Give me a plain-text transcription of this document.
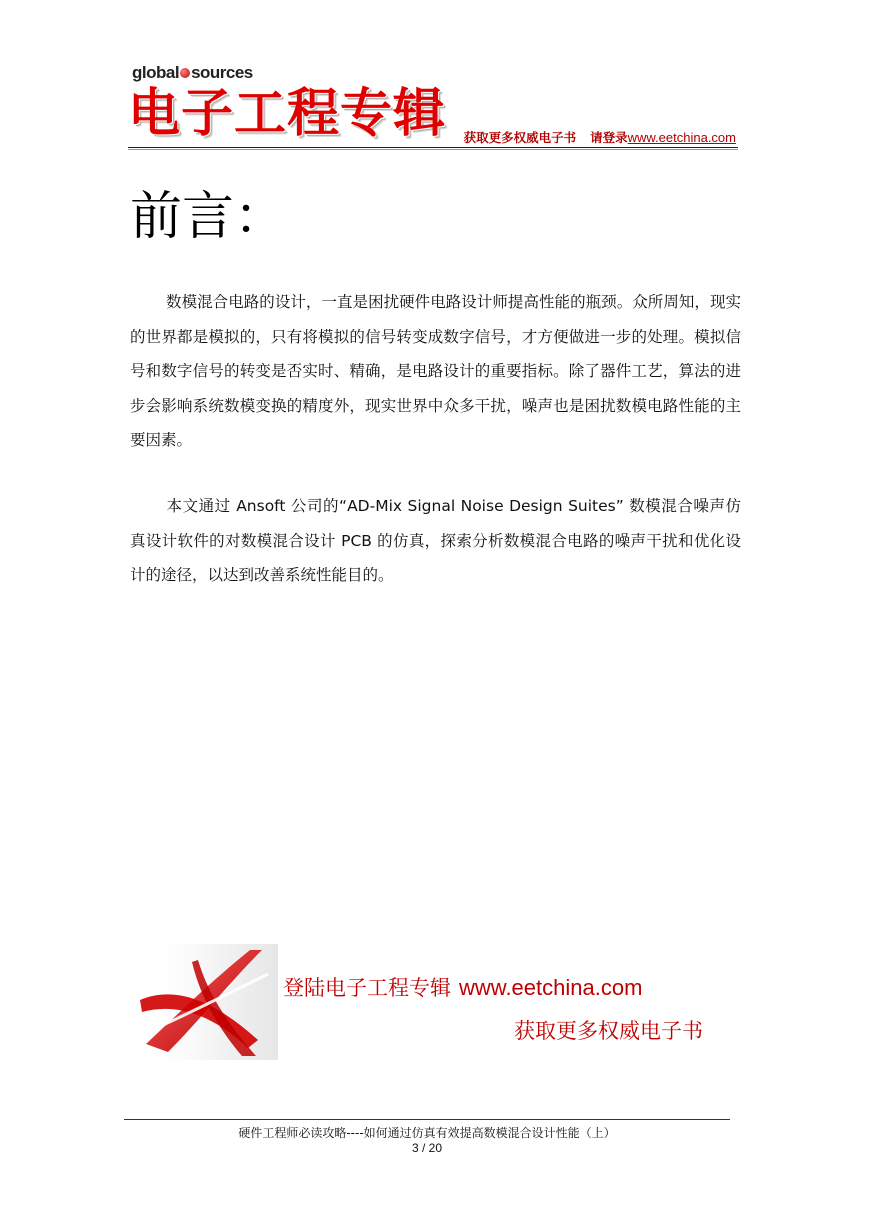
global sources
电子工程专辑 获取更多权威电子书 请登录www.eetchina.com
前言：
数模混合电路的设计，一直是困扰硬件电路设计师提高性能的瓶颈。众所周知，现实的世界都是模拟的，只有将模拟的信号转变成数字信号，才方便做进一步的处理。模拟信号和数字信号的转变是否实时、精确，是电路设计的重要指标。除了器件工艺，算法的进步会影响系统数模变换的精度外，现实世界中众多干扰，噪声也是困扰数模电路性能的主要因素。
本文通过 Ansoft 公司的“AD-Mix Signal Noise Design Suites” 数模混合噪声仿真设计软件的对数模混合设计 PCB 的仿真，探索分析数模混合电路的噪声干扰和优化设计的途径，以达到改善系统性能目的。
登陆电子工程专辑 www.eetchina.com
获取更多权威电子书
硬件工程师必读攻略----如何通过仿真有效提高数模混合设计性能（上）
3 / 20
